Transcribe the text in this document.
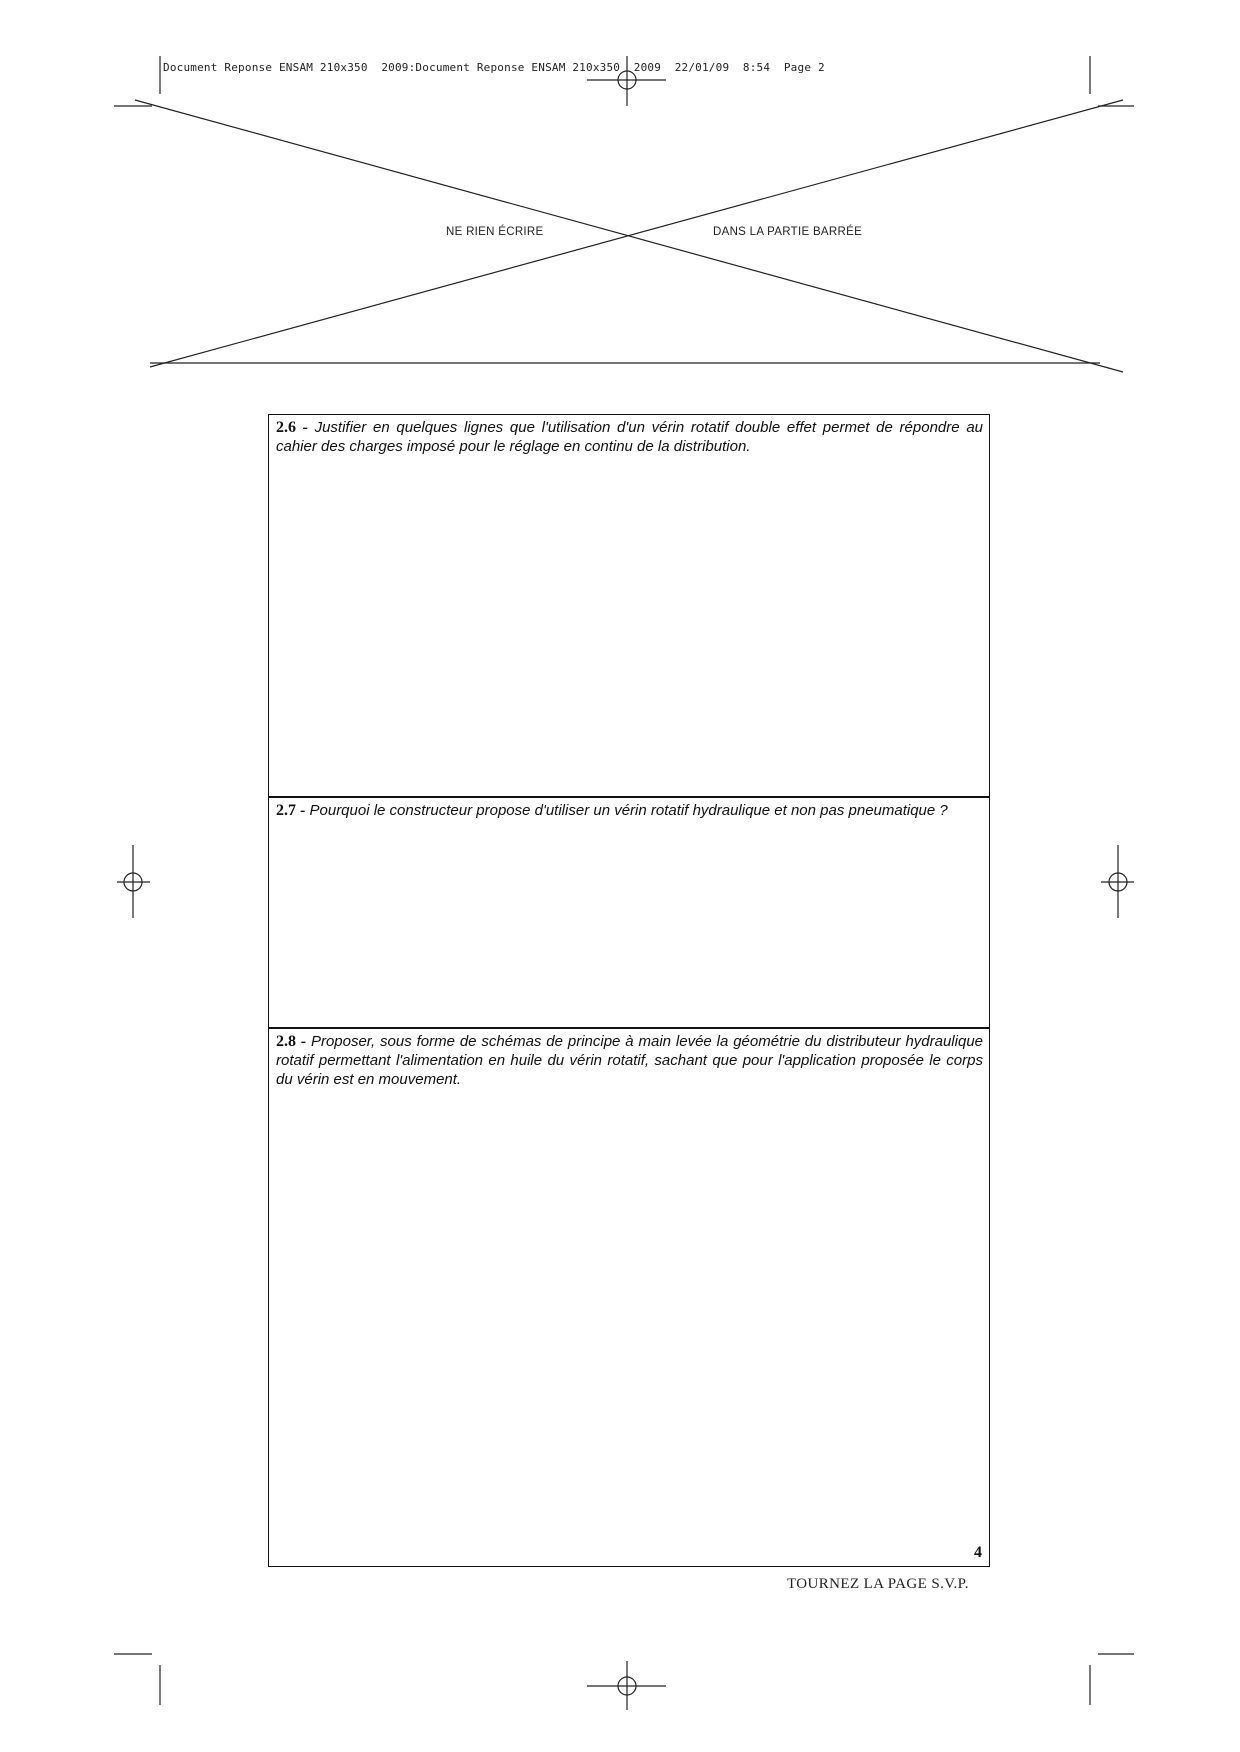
Document Reponse ENSAM 210x350  2009:Document Reponse ENSAM 210x350  2009  22/01/09  8:54  Page 2

NE RIEN ÉCRIRE	DANS LA PARTIE BARRÉE

2.6 - Justifier en quelques lignes que l'utilisation d'un vérin rotatif double effet permet de répondre au cahier des charges imposé pour le réglage en continu de la distribution.

2.7 - Pourquoi le constructeur propose d'utiliser un vérin rotatif hydraulique et non pas pneumatique ?

2.8 - Proposer, sous forme de schémas de principe à main levée la géométrie du distributeur hydraulique rotatif permettant l'alimentation en huile du vérin rotatif, sachant que pour l'application proposée le corps du vérin est en mouvement.

4
TOURNEZ LA PAGE S.V.P.
